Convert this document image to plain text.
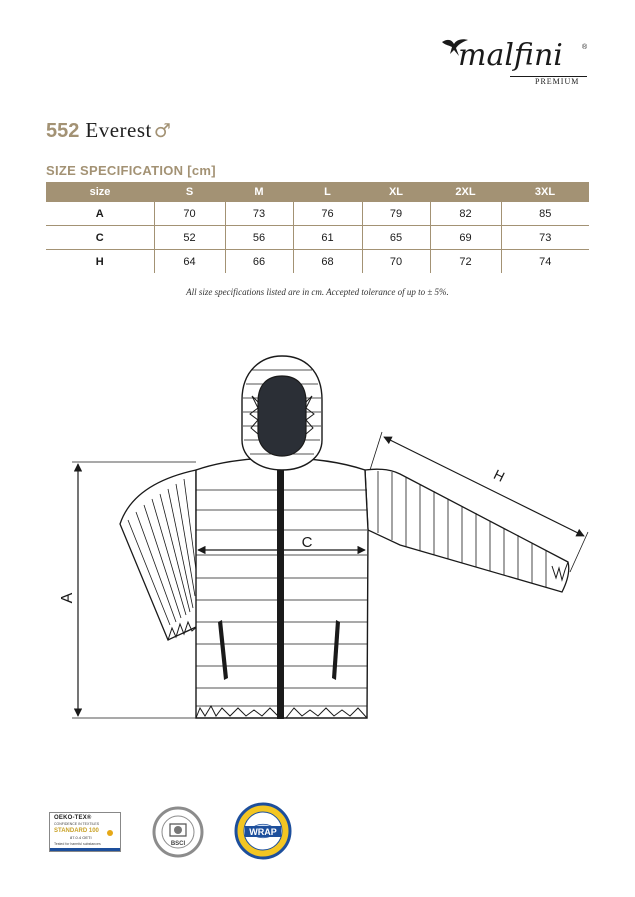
malfini	®
PREMIUM
552 Everest ♂
SIZE SPECIFICATION [cm]
size	S	M	L	XL	2XL	3XL
A	70	73	76	79	82	85
C	52	56	61	65	69	73
H	64	66	68	70	72	74
All size specifications listed are in cm. Accepted tolerance of up to ± 5%.
A
C
H
OEKO-TEX®
CONFIDENCE IN TEXTILES
STANDARD 100
87.0.4 OETI
Tested for harmful substances	BSCI
WRAP
